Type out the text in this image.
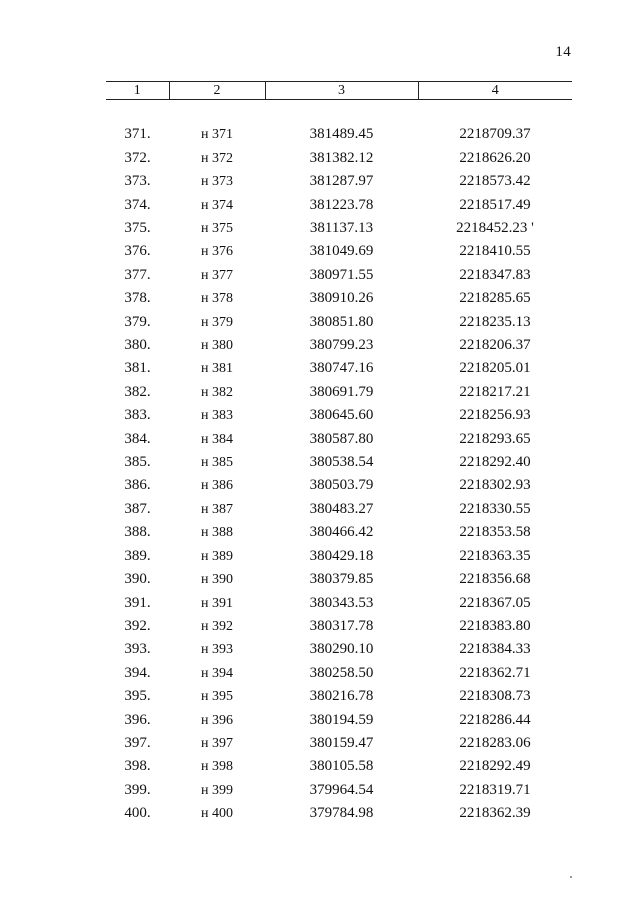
14
1	2	3	4

371.	н 371	381489.45	2218709.37
372.	н 372	381382.12	2218626.20
373.	н 373	381287.97	2218573.42
374.	н 374	381223.78	2218517.49
375.	н 375	381137.13	2218452.23 '
376.	н 376	381049.69	2218410.55
377.	н 377	380971.55	2218347.83
378.	н 378	380910.26	2218285.65
379.	н 379	380851.80	2218235.13
380.	н 380	380799.23	2218206.37
381.	н 381	380747.16	2218205.01
382.	н 382	380691.79	2218217.21
383.	н 383	380645.60	2218256.93
384.	н 384	380587.80	2218293.65
385.	н 385	380538.54	2218292.40
386.	н 386	380503.79	2218302.93
387.	н 387	380483.27	2218330.55
388.	н 388	380466.42	2218353.58
389.	н 389	380429.18	2218363.35
390.	н 390	380379.85	2218356.68
391.	н 391	380343.53	2218367.05
392.	н 392	380317.78	2218383.80
393.	н 393	380290.10	2218384.33
394.	н 394	380258.50	2218362.71
395.	н 395	380216.78	2218308.73
396.	н 396	380194.59	2218286.44
397.	н 397	380159.47	2218283.06
398.	н 398	380105.58	2218292.49
399.	н 399	379964.54	2218319.71
400.	н 400	379784.98	2218362.39
